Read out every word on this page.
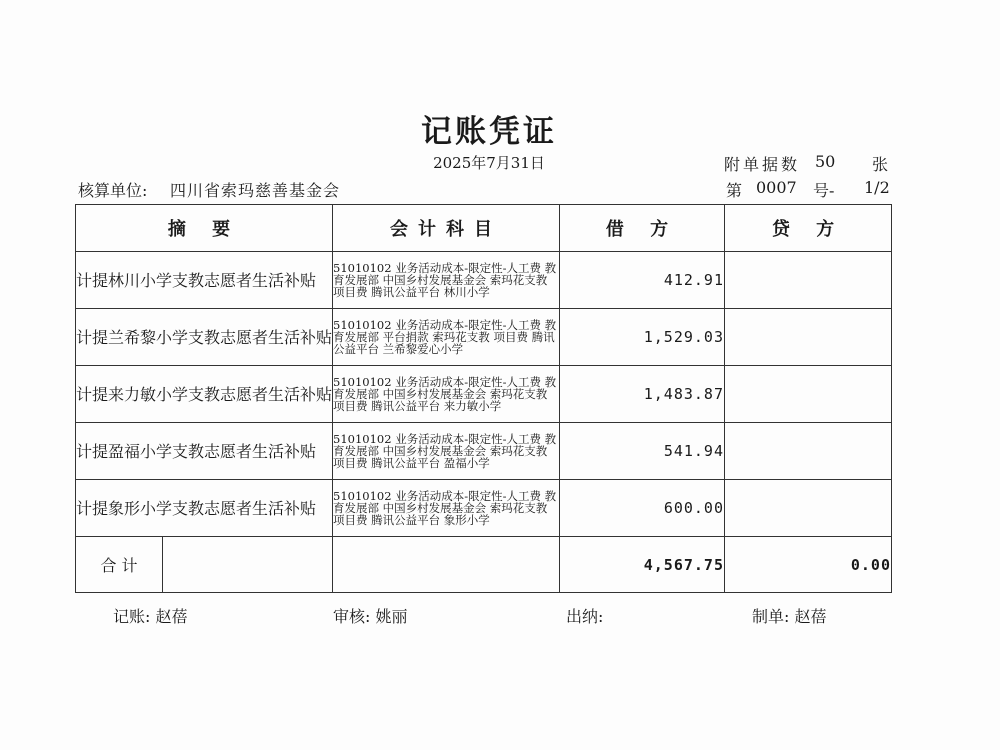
记账凭证
2025年7月31日	附单据数 50 张
核算单位: 四川省索玛慈善基金会	第 0007 号- 1/2
摘 要	会计科目	借 方	贷 方
计提林川小学支教志愿者生活补贴	51010102 业务活动成本-限定性-人工费 教育发展部 中国乡村发展基金会 索玛花支教 项目费 腾讯公益平台 林川小学	412.91	
计提兰希黎小学支教志愿者生活补贴	51010102 业务活动成本-限定性-人工费 教育发展部 平台捐款 索玛花支教 项目费 腾讯公益平台 兰希黎爱心小学	1,529.03	
计提来力敏小学支教志愿者生活补贴	51010102 业务活动成本-限定性-人工费 教育发展部 中国乡村发展基金会 索玛花支教 项目费 腾讯公益平台 来力敏小学	1,483.87	
计提盈福小学支教志愿者生活补贴	51010102 业务活动成本-限定性-人工费 教育发展部 中国乡村发展基金会 索玛花支教 项目费 腾讯公益平台 盈福小学	541.94	
计提象形小学支教志愿者生活补贴	51010102 业务活动成本-限定性-人工费 教育发展部 中国乡村发展基金会 索玛花支教 项目费 腾讯公益平台 象形小学	600.00	

合 计		4,567.75	0.00
记账: 赵蓓	审核: 姚丽	出纳:	制单: 赵蓓
